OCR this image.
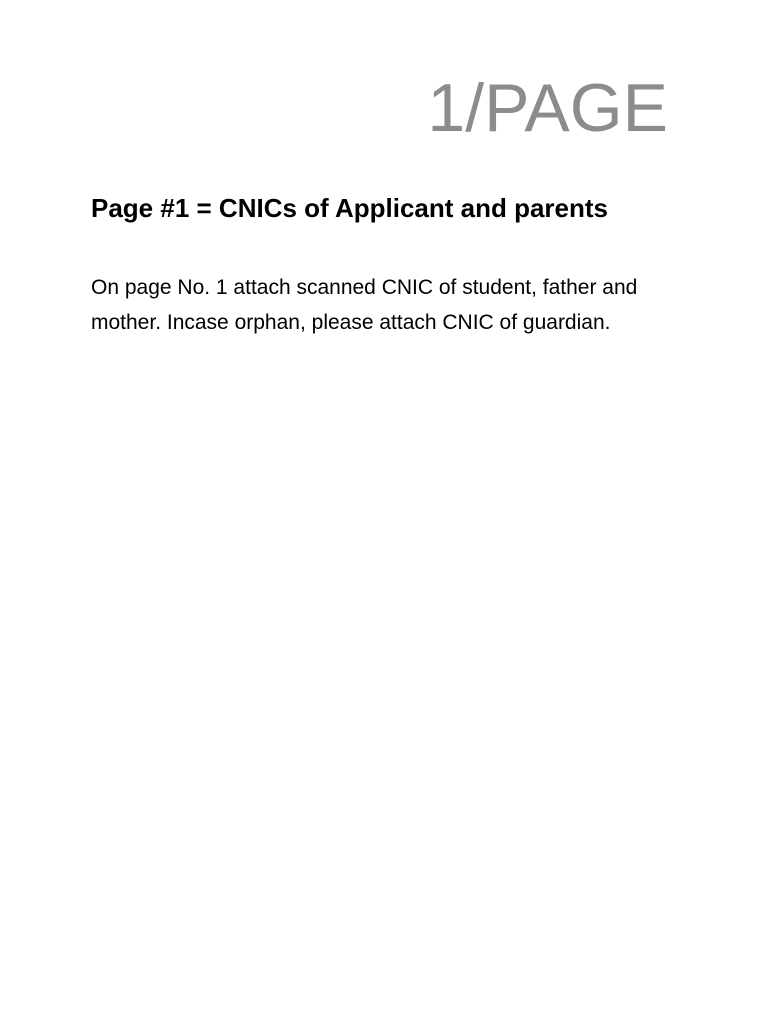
1/PAGE
Page #1 = CNICs of Applicant and parents
On page No. 1 attach scanned CNIC of student, father and
mother. Incase orphan, please attach CNIC of guardian.
